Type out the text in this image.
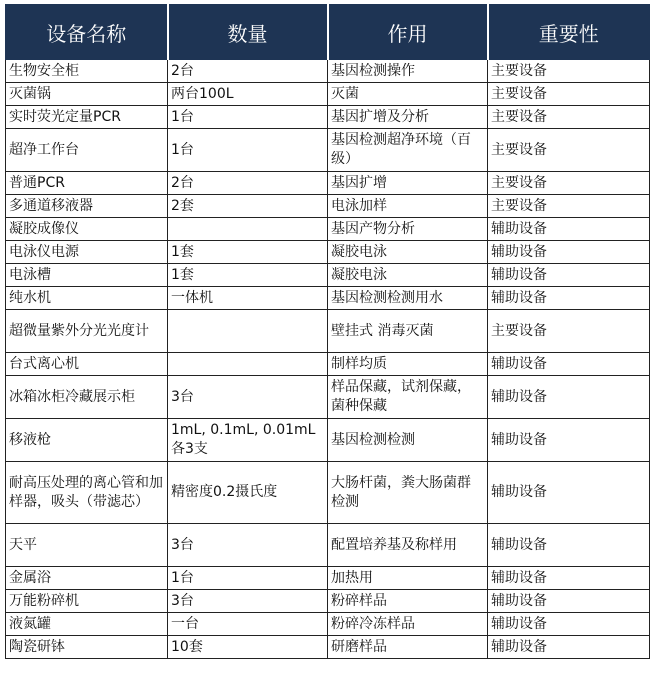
设备名称	数量	作用	重要性
生物安全柜	2台	基因检测操作	主要设备
灭菌锅	两台100L	灭菌	主要设备
实时荧光定量PCR	1台	基因扩增及分析	主要设备
超净工作台	1台	基因检测超净环境（百级）	主要设备
普通PCR	2台	基因扩增	主要设备
多通道移液器	2套	电泳加样	主要设备
凝胶成像仪		基因产物分析	辅助设备
电泳仪电源	1套	凝胶电泳	辅助设备
电泳槽	1套	凝胶电泳	辅助设备
纯水机	一体机	基因检测检测用水	辅助设备
超微量紫外分光光度计		壁挂式 消毒灭菌	主要设备
台式离心机		制样均质	辅助设备
冰箱冰柜冷藏展示柜	3台	样品保藏，试剂保藏，菌种保藏	辅助设备
移液枪	1mL, 0.1mL, 0.01mL各3支	基因检测检测	辅助设备
耐高压处理的离心管和加样器，吸头（带滤芯）	精密度0.2摄氏度	大肠杆菌，粪大肠菌群检测	辅助设备
天平	3台	配置培养基及称样用	辅助设备
金属浴	1台	加热用	辅助设备
万能粉碎机	3台	粉碎样品	辅助设备
液氮罐	一台	粉碎冷冻样品	辅助设备
陶瓷研钵	10套	研磨样品	辅助设备
